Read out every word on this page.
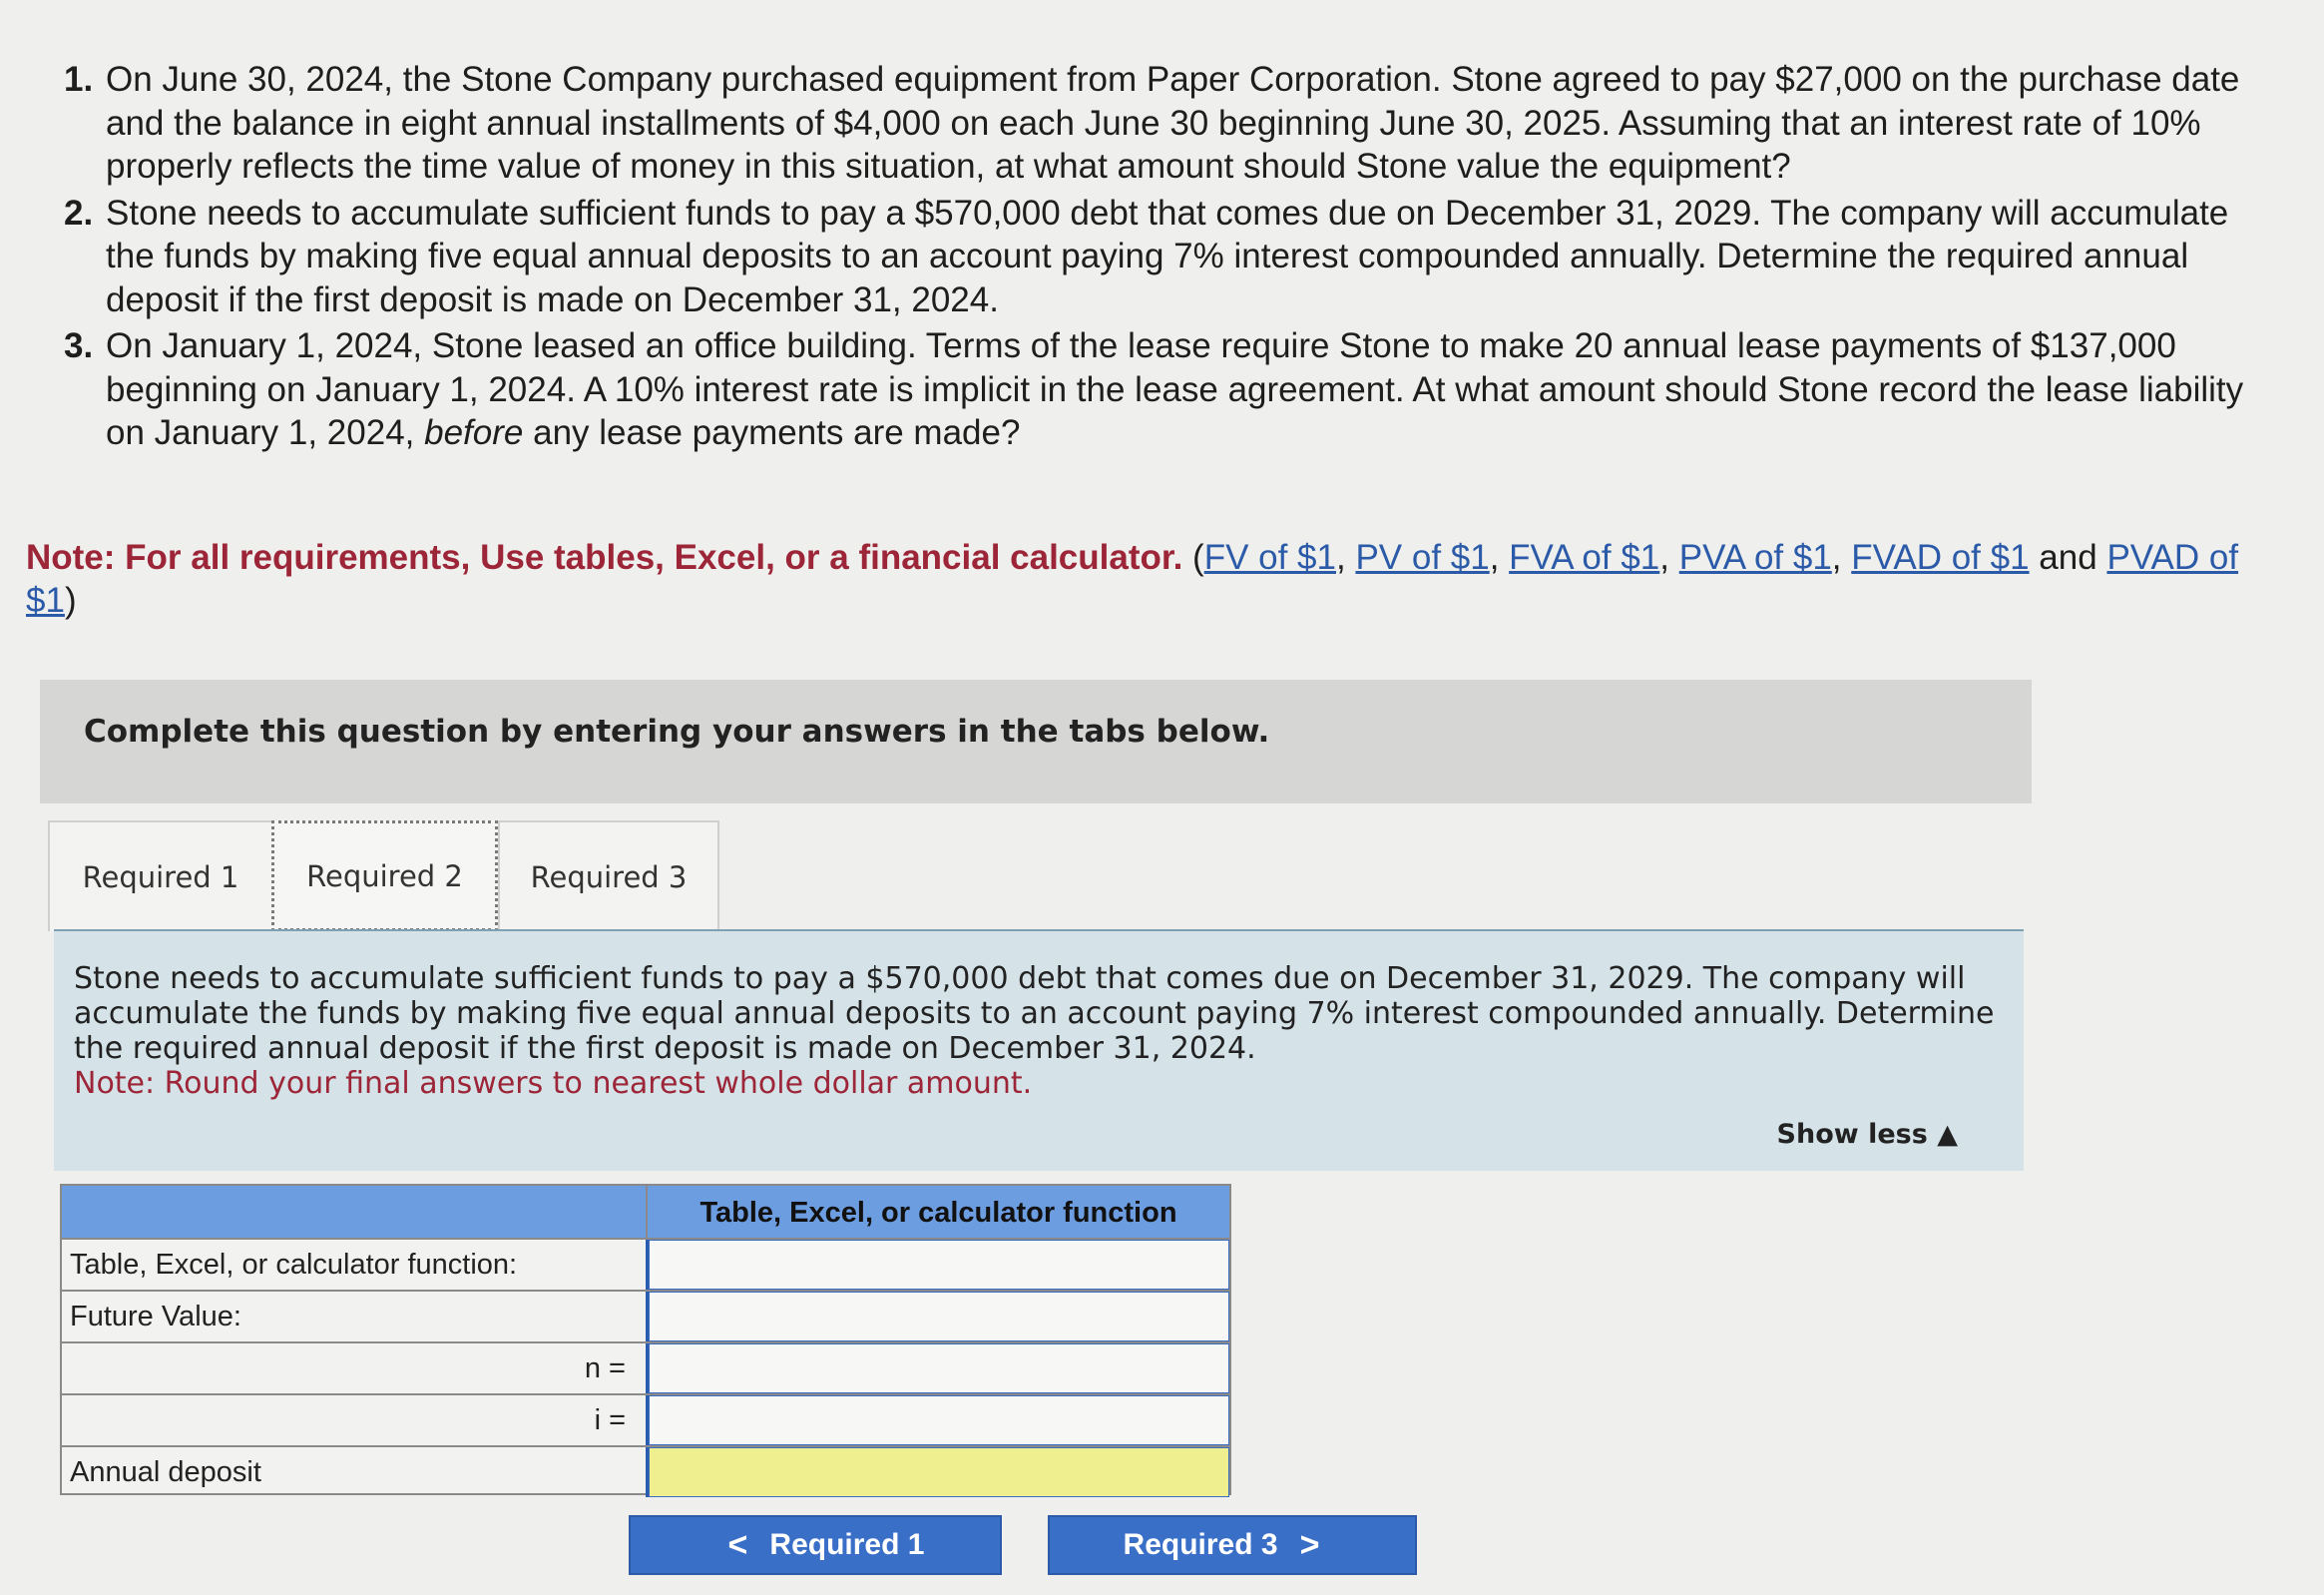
1. On June 30, 2024, the Stone Company purchased equipment from Paper Corporation. Stone agreed to pay $27,000 on the purchase date and the balance in eight annual installments of $4,000 on each June 30 beginning June 30, 2025. Assuming that an interest rate of 10% properly reflects the time value of money in this situation, at what amount should Stone value the equipment?
2. Stone needs to accumulate sufficient funds to pay a $570,000 debt that comes due on December 31, 2029. The company will accumulate the funds by making five equal annual deposits to an account paying 7% interest compounded annually. Determine the required annual deposit if the first deposit is made on December 31, 2024.
3. On January 1, 2024, Stone leased an office building. Terms of the lease require Stone to make 20 annual lease payments of $137,000 beginning on January 1, 2024. A 10% interest rate is implicit in the lease agreement. At what amount should Stone record the lease liability on January 1, 2024, before any lease payments are made?
Note: For all requirements, Use tables, Excel, or a financial calculator. (FV of $1, PV of $1, FVA of $1, PVA of $1, FVAD of $1 and PVAD of $1)
Complete this question by entering your answers in the tabs below.
Required 1	Required 2	Required 3
Stone needs to accumulate sufficient funds to pay a $570,000 debt that comes due on December 31, 2029. The company will accumulate the funds by making five equal annual deposits to an account paying 7% interest compounded annually. Determine the required annual deposit if the first deposit is made on December 31, 2024.
Note: Round your final answers to nearest whole dollar amount.
Show less ▲
Table, Excel, or calculator function
Table, Excel, or calculator function:
Future Value:
n =
i =
Annual deposit
< Required 1	Required 3 >
